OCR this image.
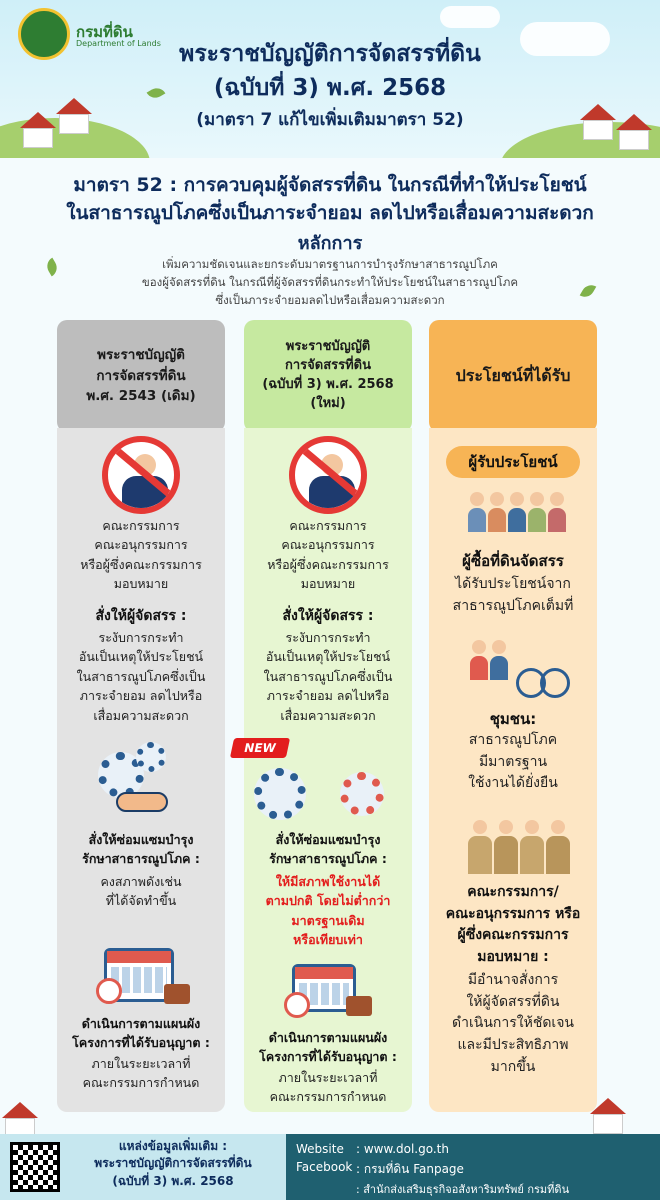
กรมที่ดิน
Department of Lands พระราชบัญญัติการจัดสรรที่ดิน
(ฉบับที่ 3) พ.ศ. 2568
(มาตรา 7 แก้ไขเพิ่มเติมมาตรา 52)
มาตรา 52 : การควบคุมผู้จัดสรรที่ดิน ในกรณีที่ทำให้ประโยชน์
ในสาธารณูปโภคซึ่งเป็นภาระจำยอม ลดไปหรือเสื่อมความสะดวก
หลักการ
เพิ่มความชัดเจนและยกระดับมาตรฐานการบำรุงรักษาสาธารณูปโภค
ของผู้จัดสรรที่ดิน ในกรณีที่ผู้จัดสรรที่ดินกระทำให้ประโยชน์ในสาธารณูปโภค
ซึ่งเป็นภาระจำยอมลดไปหรือเสื่อมความสะดวก
พระราชบัญญัติ
การจัดสรรที่ดิน
พ.ศ. 2543 (เดิม)
คณะกรรมการ
คณะอนุกรรมการ
หรือผู้ซึ่งคณะกรรมการ
มอบหมาย
สั่งให้ผู้จัดสรร :
ระงับการกระทำ
อันเป็นเหตุให้ประโยชน์
ในสาธารณูปโภคซึ่งเป็น
ภาระจำยอม ลดไปหรือ
เสื่อมความสะดวก
สั่งให้ซ่อมแซมบำรุง
รักษาสาธารณูปโภค :
คงสภาพดังเช่น
ที่ได้จัดทำขึ้น
ดำเนินการตามแผนผัง
โครงการที่ได้รับอนุญาต :
ภายในระยะเวลาที่
คณะกรรมการกำหนด
พระราชบัญญัติ
การจัดสรรที่ดิน
(ฉบับที่ 3) พ.ศ. 2568
(ใหม่)
คณะกรรมการ
คณะอนุกรรมการ
หรือผู้ซึ่งคณะกรรมการ
มอบหมาย
สั่งให้ผู้จัดสรร :
ระงับการกระทำ
อันเป็นเหตุให้ประโยชน์
ในสาธารณูปโภคซึ่งเป็น
ภาระจำยอม ลดไปหรือ
เสื่อมความสะดวก
NEW
สั่งให้ซ่อมแซมบำรุง
รักษาสาธารณูปโภค :
ให้มีสภาพใช้งานได้
ตามปกติ โดยไม่ต่ำกว่า
มาตรฐานเดิม
หรือเทียบเท่า
ดำเนินการตามแผนผัง
โครงการที่ได้รับอนุญาต :
ภายในระยะเวลาที่
คณะกรรมการกำหนด
ประโยชน์ที่ได้รับ
ผู้รับประโยชน์
ผู้ซื้อที่ดินจัดสรร
ได้รับประโยชน์จาก
สาธารณูปโภคเต็มที่
ชุมชน:
สาธารณูปโภค
มีมาตรฐาน
ใช้งานได้ยั่งยืน
คณะกรรมการ/
คณะอนุกรรมการ หรือ
ผู้ซึ่งคณะกรรมการ
มอบหมาย :
มีอำนาจสั่งการ
ให้ผู้จัดสรรที่ดิน
ดำเนินการให้ชัดเจน
และมีประสิทธิภาพ
มากขึ้น
แหล่งข้อมูลเพิ่มเติม :
พระราชบัญญัติการจัดสรรที่ดิน
(ฉบับที่ 3) พ.ศ. 2568
Website	: www.dol.go.th
Facebook : กรมที่ดิน Fanpage
: สำนักส่งเสริมธุรกิจอสังหาริมทรัพย์ กรมที่ดิน
